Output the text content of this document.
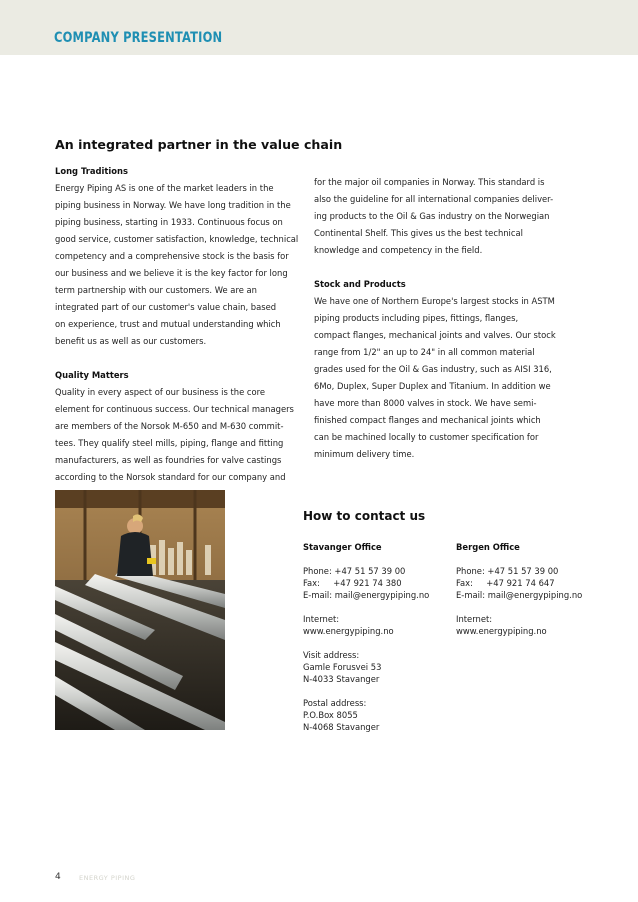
COMPANY PRESENTATION
An integrated partner in the value chain

Long Traditions

Energy Piping AS is one of the market leaders in the
piping business in Norway. We have long tradition in the
piping business, starting in 1933. Continuous focus on
good service, customer satisfaction, knowledge, technical
competency and a comprehensive stock is the basis for
our business and we believe it is the key factor for long
term partnership with our customers. We are an
integrated part of our customer's value chain, based
on experience, trust and mutual understanding which
benefit us as well as our customers.

Quality Matters

Quality in every aspect of our business is the core
element for continuous success. Our technical managers
are members of the Norsok M-650 and M-630 commit-
tees. They qualify steel mills, piping, flange and fitting
manufacturers, as well as foundries for valve castings
according to the Norsok standard for our company and

for the major oil companies in Norway. This standard is
also the guideline for all international companies deliver-
ing products to the Oil & Gas industry on the Norwegian
Continental Shelf. This gives us the best technical
knowledge and competency in the field.

Stock and Products

We have one of Northern Europe's largest stocks in ASTM
piping products including pipes, fittings, flanges,
compact flanges, mechanical joints and valves. Our stock
range from 1/2" an up to 24" in all common material
grades used for the Oil & Gas industry, such as AISI 316,
6Mo, Duplex, Super Duplex and Titanium. In addition we
have more than 8000 valves in stock. We have semi-
finished compact flanges and mechanical joints which
can be machined locally to customer specification for
minimum delivery time.

How to contact us
Stavanger Office
Phone: +47 51 57 39 00
Fax:     +47 921 74 380
E-mail: mail@energypiping.no
Internet:
www.energypiping.no
Visit address:
Gamle Forusvei 53
N-4033 Stavanger
Postal address:
P.O.Box 8055
N-4068 Stavanger
Bergen Office
Phone: +47 51 57 39 00
Fax:     +47 921 74 647
E-mail: mail@energypiping.no
Internet:
www.energypiping.no
4	ENERGY PIPING
